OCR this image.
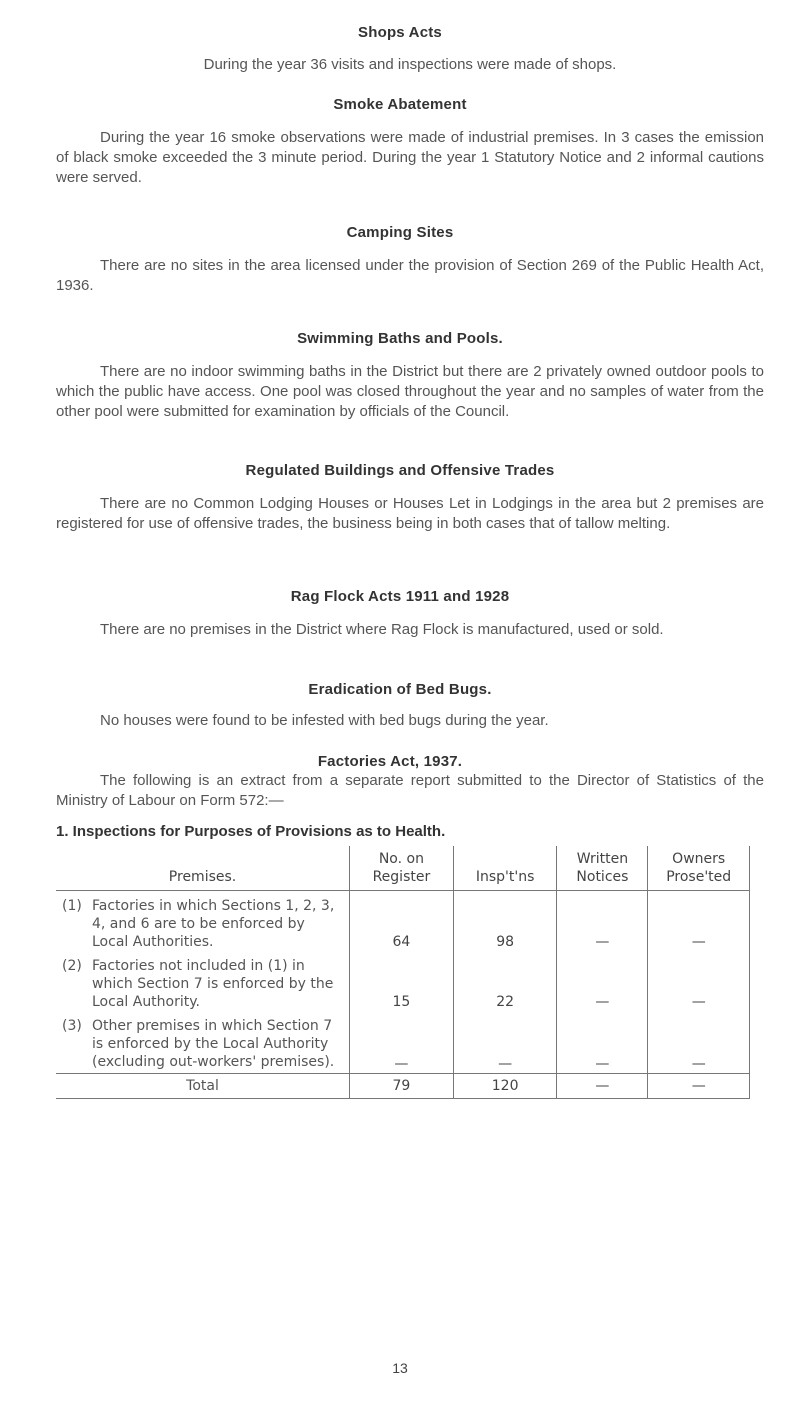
Shops Acts
During the year 36 visits and inspections were made of shops.
Smoke Abatement
During the year 16 smoke observations were made of industrial premises. In 3 cases the emission of black smoke exceeded the 3 minute period. During the year 1 Statutory Notice and 2 informal cautions were served.
Camping Sites
There are no sites in the area licensed under the provision of Section 269 of the Public Health Act, 1936.
Swimming Baths and Pools.
There are no indoor swimming baths in the District but there are 2 privately owned outdoor pools to which the public have access. One pool was closed throughout the year and no samples of water from the other pool were submitted for examination by officials of the Council.
Regulated Buildings and Offensive Trades
There are no Common Lodging Houses or Houses Let in Lodgings in the area but 2 premises are registered for use of offensive trades, the business being in both cases that of tallow melting.
Rag Flock Acts 1911 and 1928
There are no premises in the District where Rag Flock is manufactured, used or sold.
Eradication of Bed Bugs.
No houses were found to be infested with bed bugs during the year.
Factories Act, 1937.
The following is an extract from a separate report submitted to the Director of Statistics of the Ministry of Labour on Form 572:—
1. Inspections for Purposes of Provisions as to Health.
Premises.	No. on Register	Insp't'ns	Written Notices	Owners Prose'ted

(1) Factories in which Sections 1, 2, 3, 4, and 6 are to be enforced by Local Authorities.	64	98	—	—

(2) Factories not included in (1) in which Section 7 is enforced by the Local Authority.	15	22	—	—

(3) Other premises in which Section 7 is enforced by the Local Authority (excluding out-workers' premises).	—	—	—	—
Total	79	120	—	—
13
